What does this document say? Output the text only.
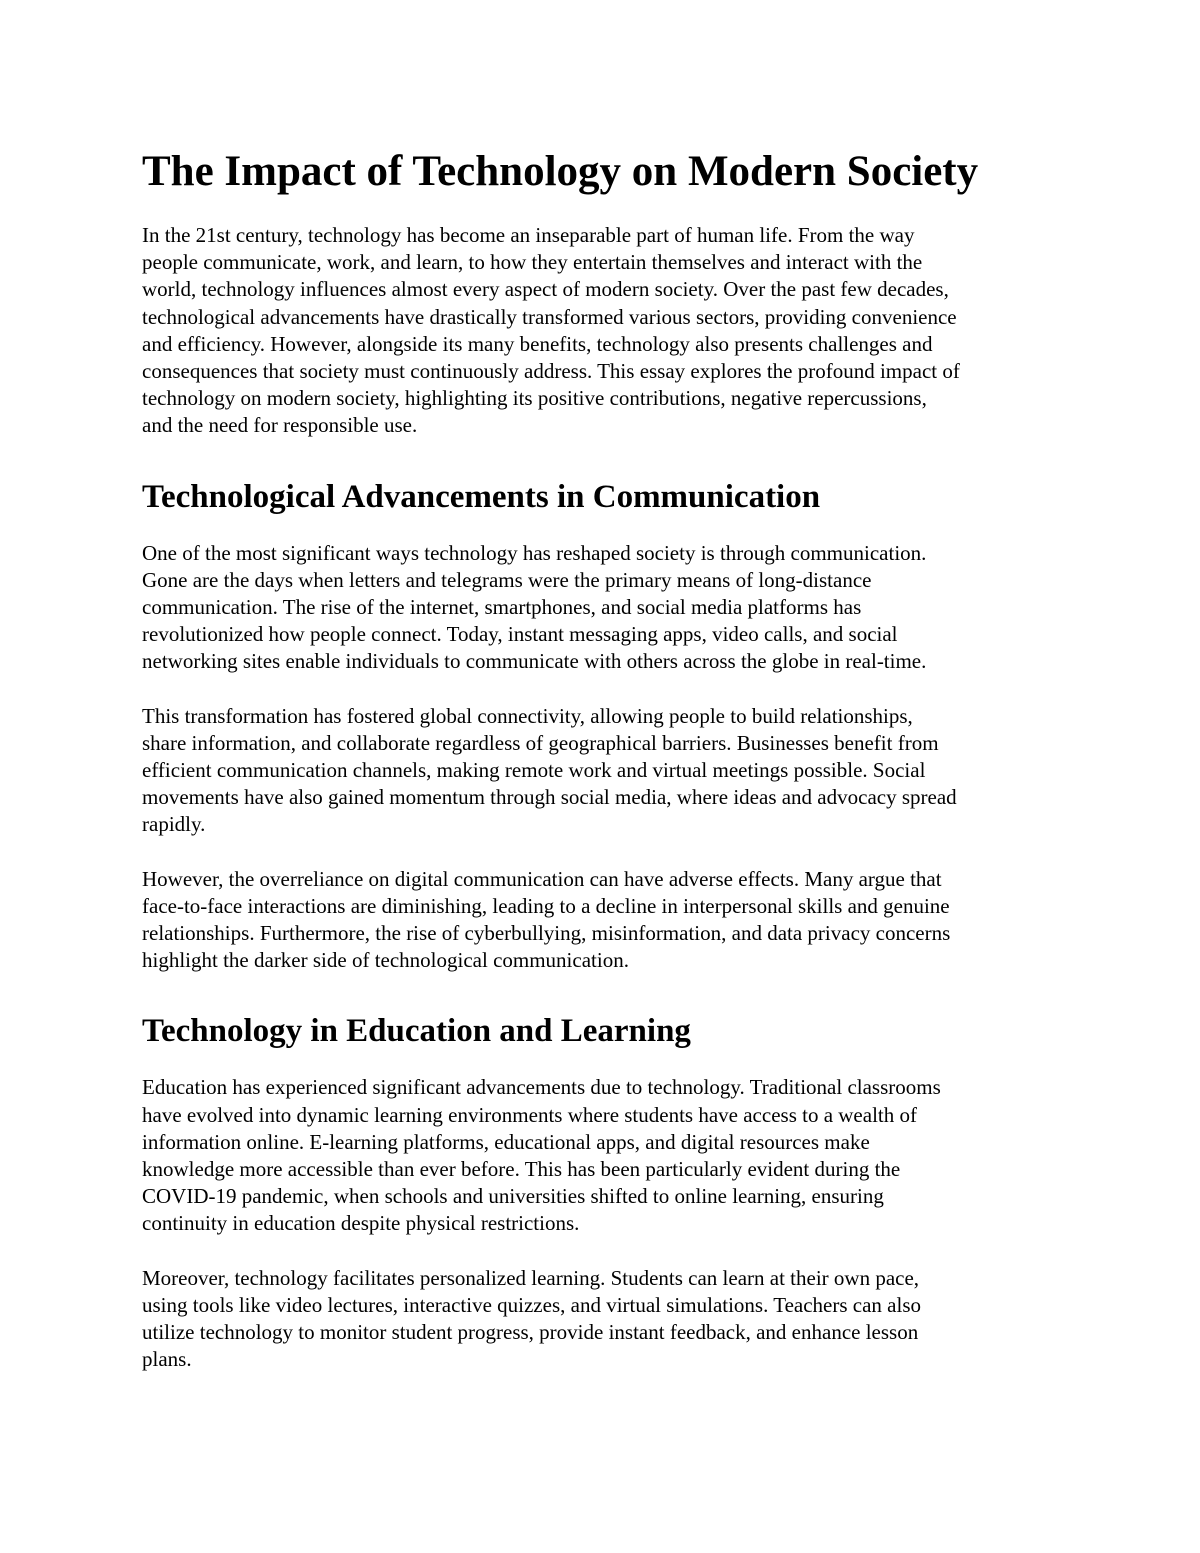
The Impact of Technology on Modern Society

In the 21st century, technology has become an inseparable part of human life. From the way
people communicate, work, and learn, to how they entertain themselves and interact with the
world, technology influences almost every aspect of modern society. Over the past few decades,
technological advancements have drastically transformed various sectors, providing convenience
and efficiency. However, alongside its many benefits, technology also presents challenges and
consequences that society must continuously address. This essay explores the profound impact of
technology on modern society, highlighting its positive contributions, negative repercussions,
and the need for responsible use.

Technological Advancements in Communication

One of the most significant ways technology has reshaped society is through communication.
Gone are the days when letters and telegrams were the primary means of long-distance
communication. The rise of the internet, smartphones, and social media platforms has
revolutionized how people connect. Today, instant messaging apps, video calls, and social
networking sites enable individuals to communicate with others across the globe in real-time.

This transformation has fostered global connectivity, allowing people to build relationships,
share information, and collaborate regardless of geographical barriers. Businesses benefit from
efficient communication channels, making remote work and virtual meetings possible. Social
movements have also gained momentum through social media, where ideas and advocacy spread
rapidly.

However, the overreliance on digital communication can have adverse effects. Many argue that
face-to-face interactions are diminishing, leading to a decline in interpersonal skills and genuine
relationships. Furthermore, the rise of cyberbullying, misinformation, and data privacy concerns
highlight the darker side of technological communication.

Technology in Education and Learning

Education has experienced significant advancements due to technology. Traditional classrooms
have evolved into dynamic learning environments where students have access to a wealth of
information online. E-learning platforms, educational apps, and digital resources make
knowledge more accessible than ever before. This has been particularly evident during the
COVID-19 pandemic, when schools and universities shifted to online learning, ensuring
continuity in education despite physical restrictions.

Moreover, technology facilitates personalized learning. Students can learn at their own pace,
using tools like video lectures, interactive quizzes, and virtual simulations. Teachers can also
utilize technology to monitor student progress, provide instant feedback, and enhance lesson
plans.
